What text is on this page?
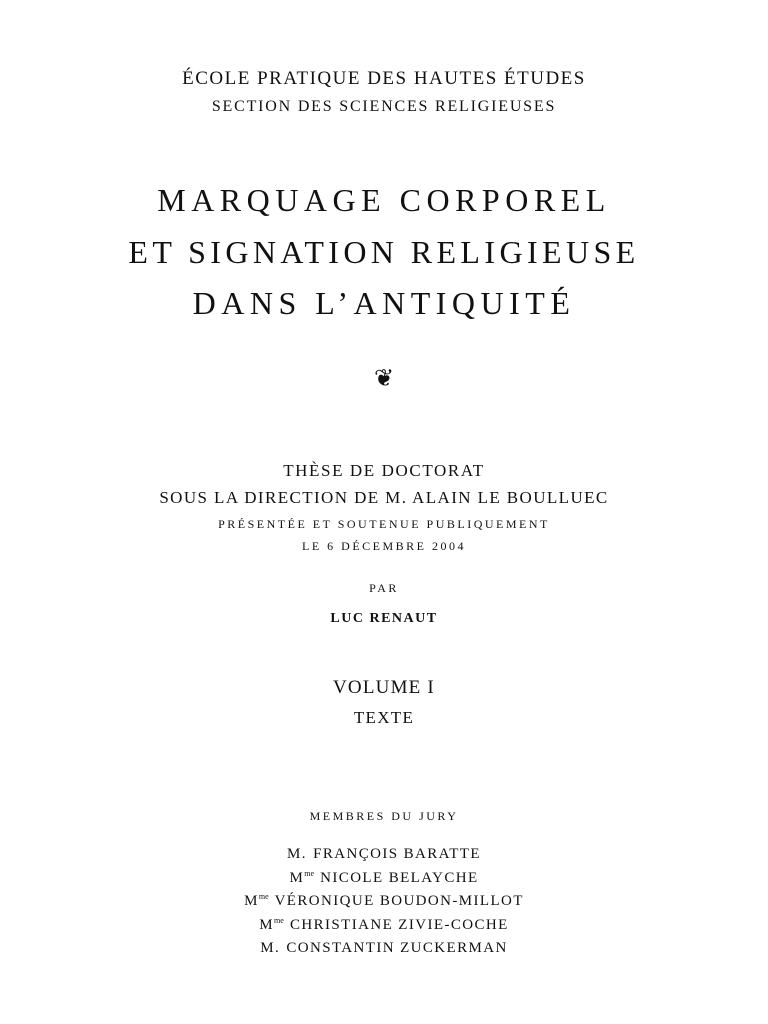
ÉCOLE PRATIQUE DES HAUTES ÉTUDES
SECTION DES SCIENCES RELIGIEUSES
MARQUAGE CORPOREL
ET SIGNATION RELIGIEUSE
DANS L’ANTIQUITÉ
❦
THÈSE DE DOCTORAT
SOUS LA DIRECTION DE M. ALAIN LE BOULLUEC
PRÉSENTÉE ET SOUTENUE PUBLIQUEMENT
LE 6 DÉCEMBRE 2004
PAR
LUC RENAUT
VOLUME I
TEXTE
MEMBRES DU JURY
M. FRANÇOIS BARATTE
$M^{me}$ NICOLE BELAYCHE
$M^{me}$ VÉRONIQUE BOUDON-MILLOT
$M^{me}$ CHRISTIANE ZIVIE-COCHE
M. CONSTANTIN ZUCKERMAN
